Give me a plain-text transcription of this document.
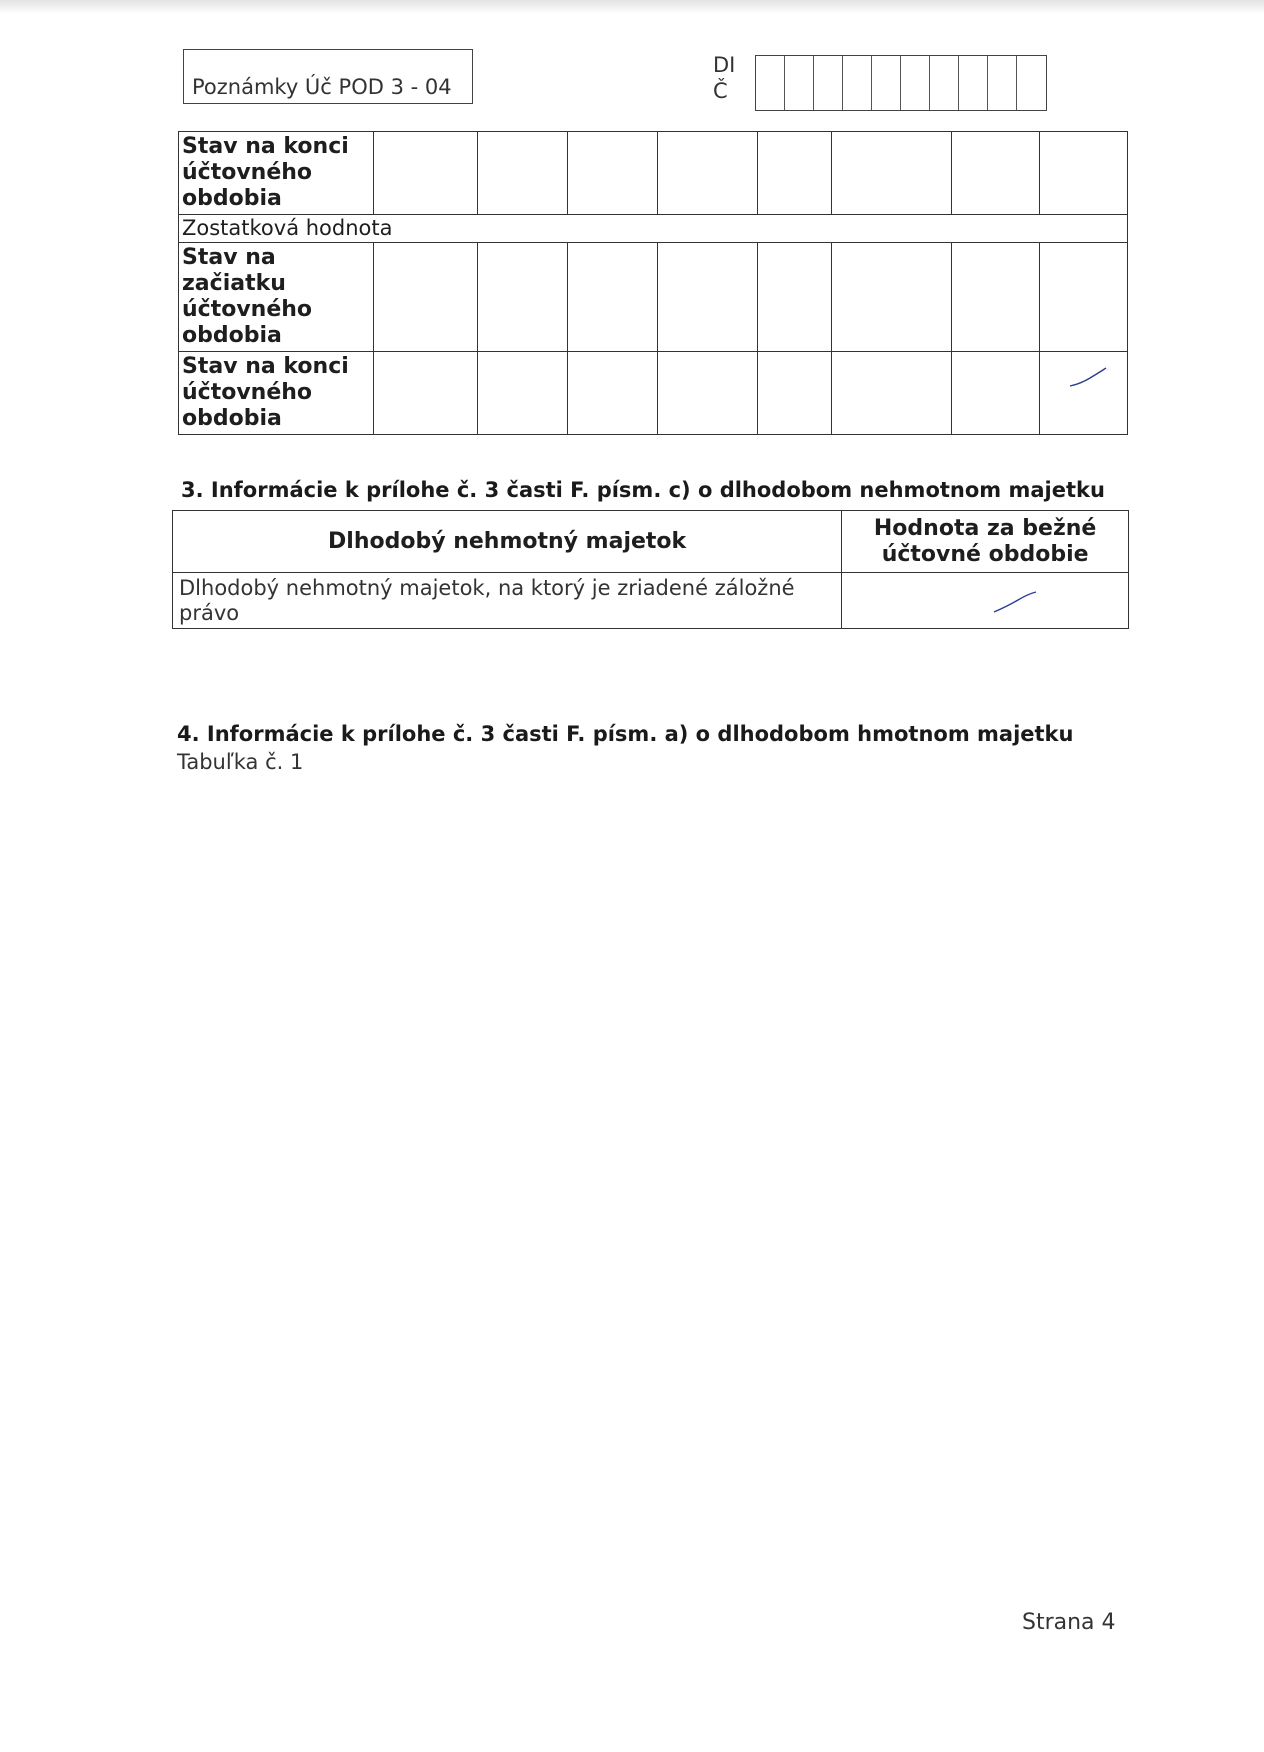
Poznámky Úč POD 3 - 04
DI
Č
Stav na konci účtovného obdobia								
Zostatková hodnota								
Stav na začiatku účtovného obdobia								
Stav na konci účtovného obdobia								
3. Informácie k prílohe č. 3 časti F. písm. c) o dlhodobom nehmotnom majetku
Dlhodobý nehmotný majetok	Hodnota za bežné účtovné obdobie
Dlhodobý nehmotný majetok, na ktorý je zriadené záložné právo	
4. Informácie k prílohe č. 3 časti F. písm. a) o dlhodobom hmotnom majetku
Tabuľka č. 1
Strana 4
